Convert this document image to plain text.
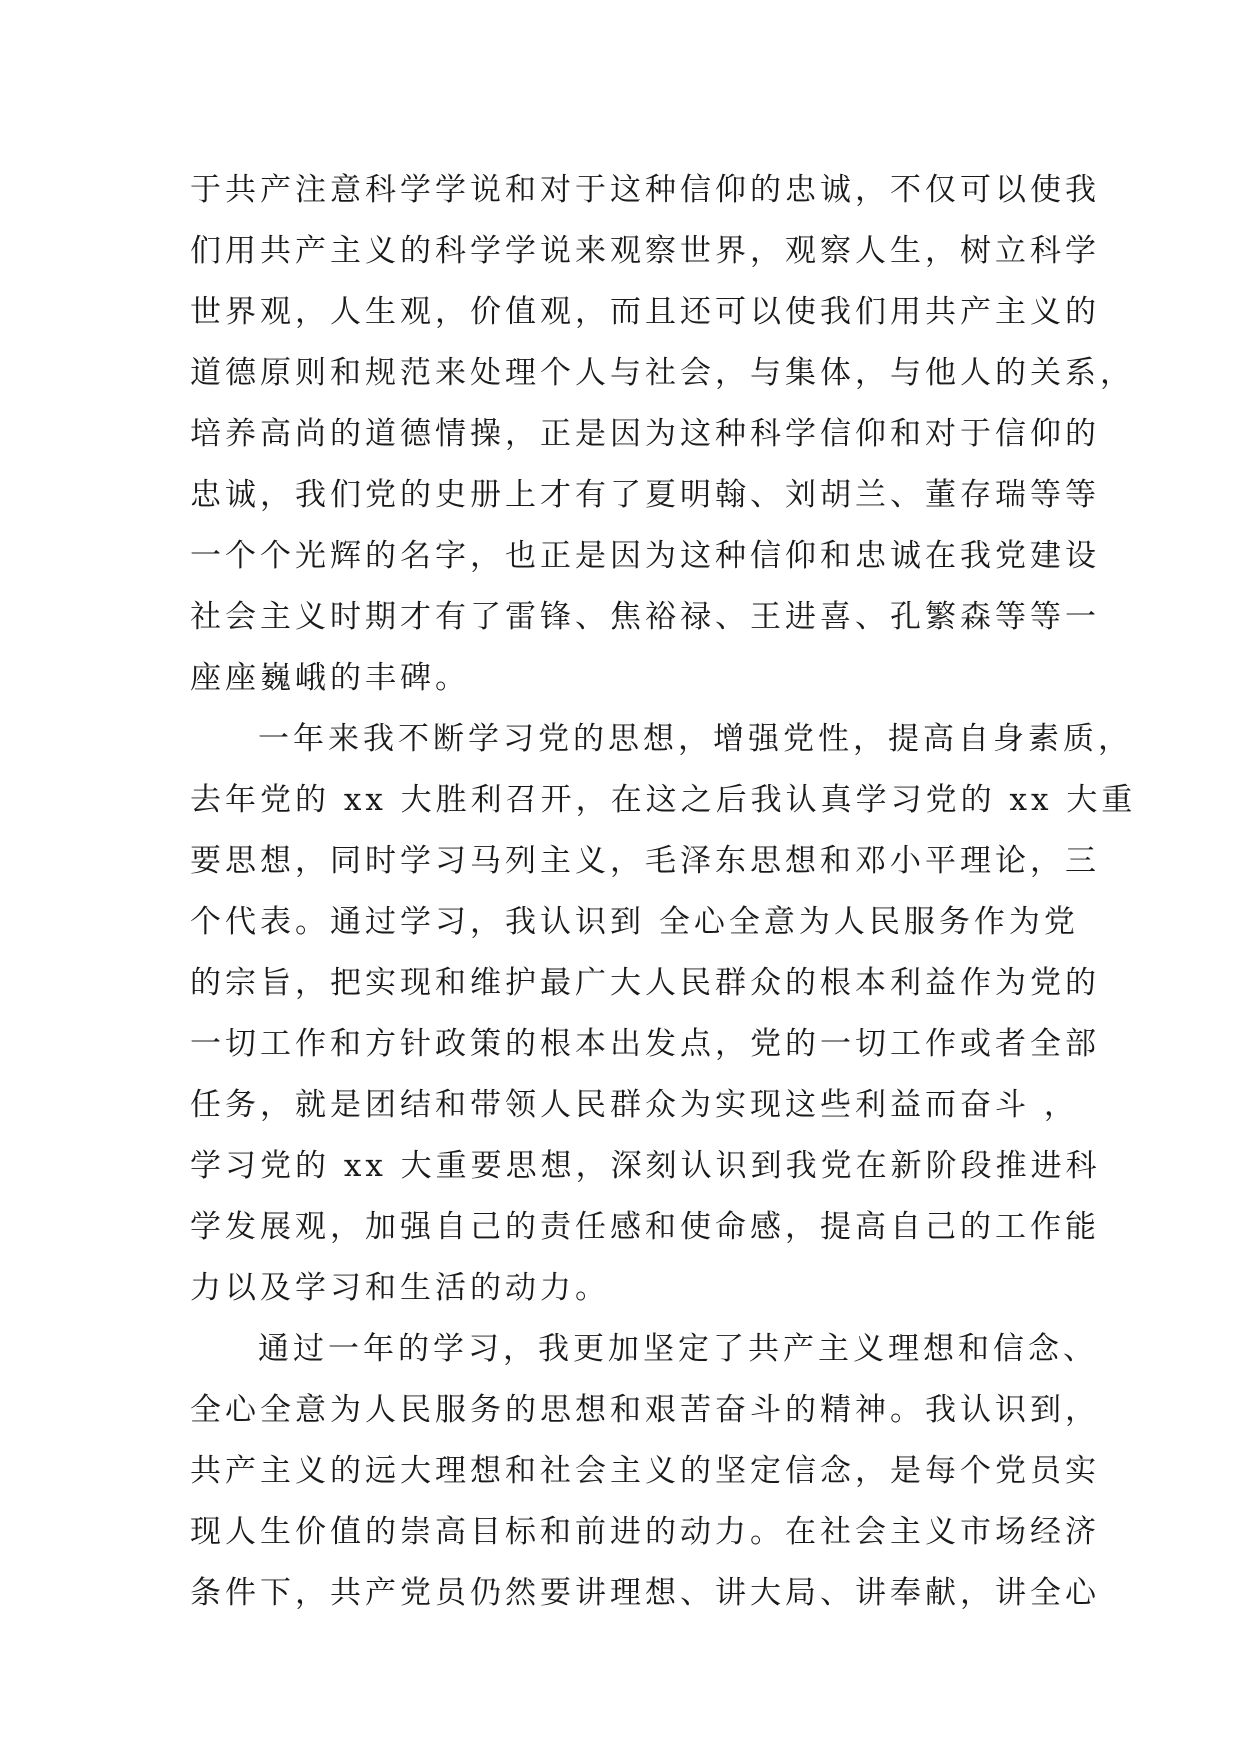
于共产注意科学学说和对于这种信仰的忠诚，不仅可以使我
们用共产主义的科学学说来观察世界，观察人生，树立科学
世界观，人生观，价值观，而且还可以使我们用共产主义的
道德原则和规范来处理个人与社会，与集体，与他人的关系，
培养高尚的道德情操，正是因为这种科学信仰和对于信仰的
忠诚，我们党的史册上才有了夏明翰、刘胡兰、董存瑞等等
一个个光辉的名字，也正是因为这种信仰和忠诚在我党建设
社会主义时期才有了雷锋、焦裕禄、王进喜、孔繁森等等一
座座巍峨的丰碑。
一年来我不断学习党的思想，增强党性，提高自身素质，
去年党的 xx 大胜利召开，在这之后我认真学习党的 xx 大重
要思想，同时学习马列主义，毛泽东思想和邓小平理论，三
个代表。通过学习，我认识到 全心全意为人民服务作为党
的宗旨，把实现和维护最广大人民群众的根本利益作为党的
一切工作和方针政策的根本出发点，党的一切工作或者全部
任务，就是团结和带领人民群众为实现这些利益而奋斗 ，
学习党的 xx 大重要思想，深刻认识到我党在新阶段推进科
学发展观，加强自己的责任感和使命感，提高自己的工作能
力以及学习和生活的动力。
通过一年的学习，我更加坚定了共产主义理想和信念、
全心全意为人民服务的思想和艰苦奋斗的精神。我认识到，
共产主义的远大理想和社会主义的坚定信念，是每个党员实
现人生价值的崇高目标和前进的动力。在社会主义市场经济
条件下，共产党员仍然要讲理想、讲大局、讲奉献，讲全心
